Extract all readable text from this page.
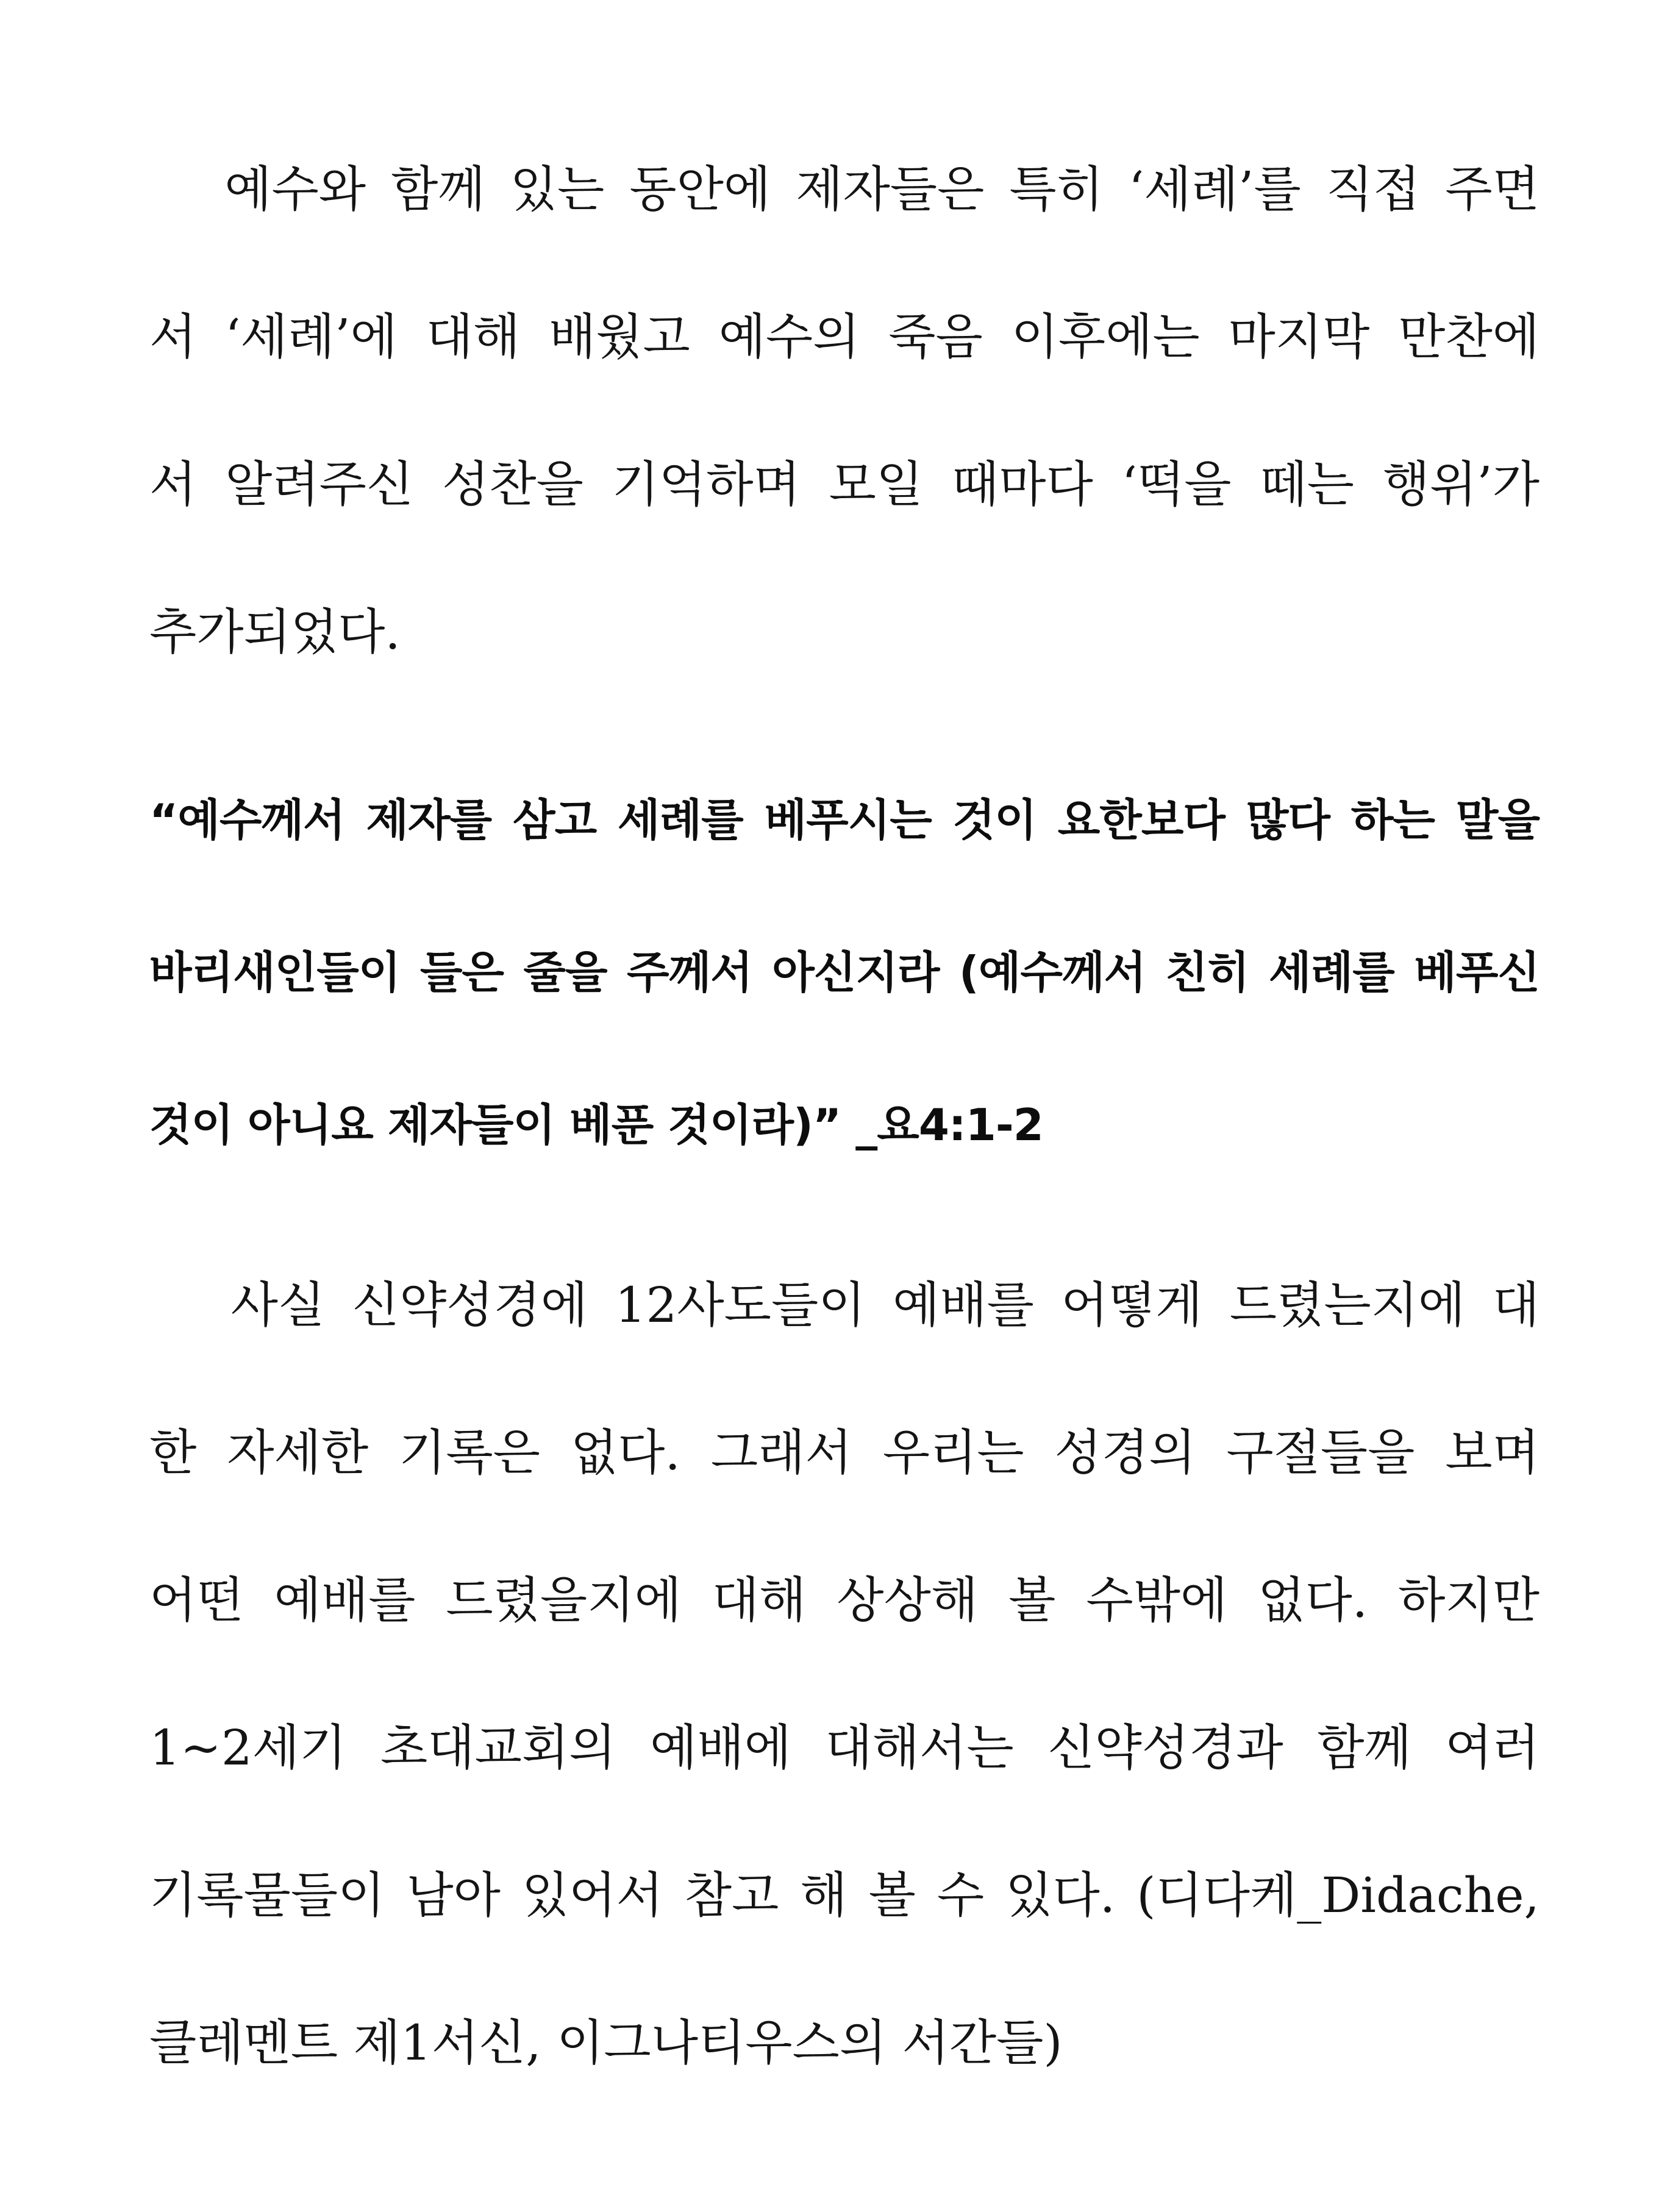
예수와 함께 있는 동안에 제자들은 특히 ‘세례’를 직접 주면
서 ‘세례’에 대해 배웠고 예수의 죽음 이후에는 마지막 만찬에
서 알려주신 성찬을 기억하며 모일 때마다 ‘떡을 떼는 행위’가
추가되었다.
“예수께서 제자를 삼고 세례를 베푸시는 것이 요한보다 많다 하는 말을
바리새인들이 들은 줄을 주께서 아신지라 (예수께서 친히 세례를 베푸신
것이 아니요 제자들이 베푼 것이라)” _요4:1-2
사실 신약성경에 12사도들이 예배를 어떻게 드렸는지에 대
한 자세한 기록은 없다. 그래서 우리는 성경의 구절들을 보며
어떤 예배를 드렸을지에 대해 상상해 볼 수밖에 없다. 하지만
1~2세기 초대교회의 예배에 대해서는 신약성경과 함께 여러
기록물들이 남아 있어서 참고 해 볼 수 있다. (디다케_Didache,
클레멘트 제1서신, 이그나티우스의 서간들)
